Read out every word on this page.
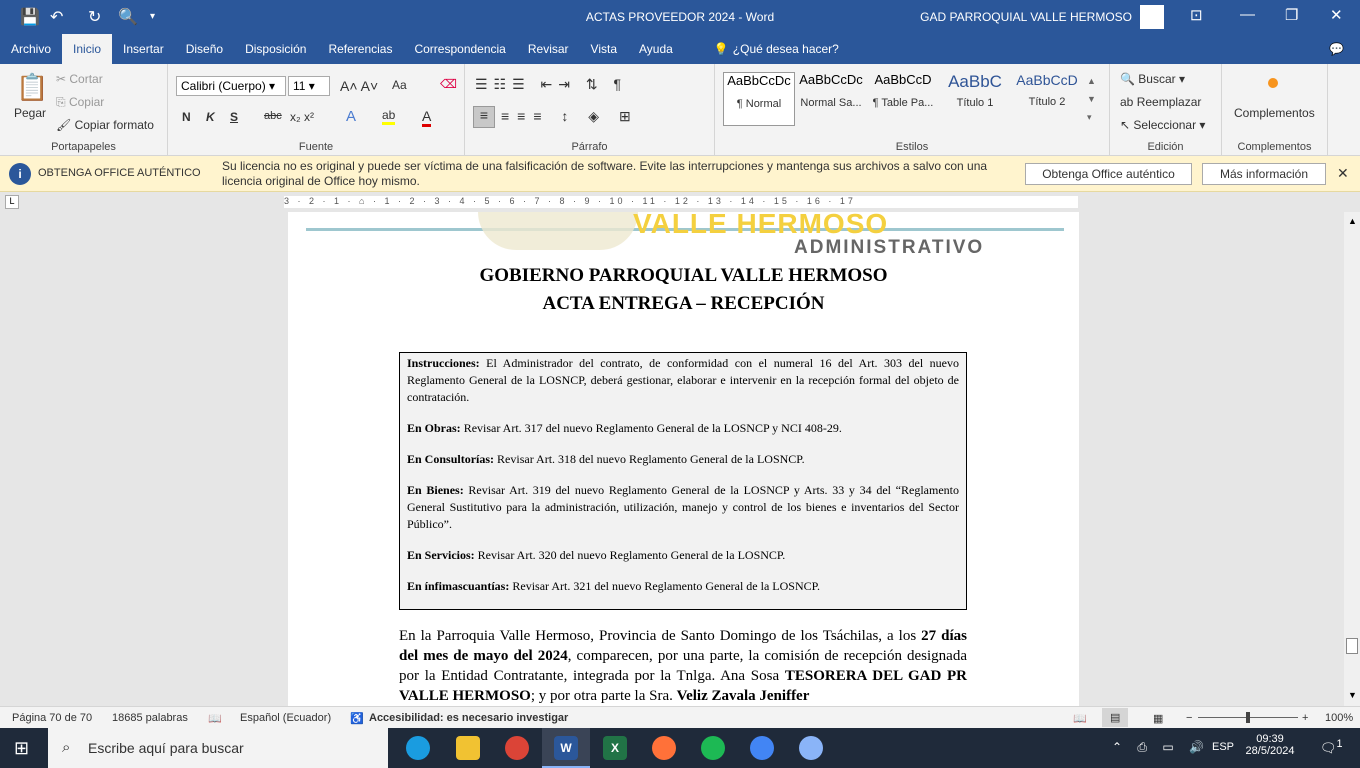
💾 ↶ ↻ 🔍 ▾	ACTAS PROVEEDOR 2024 - Word	GAD PARROQUIAL VALLE HERMOSO	⊡ — ❐ ✕
Archivo	Inicio	Insertar	Diseño	Disposición	Referencias	Correspondencia	Revisar	Vista	Ayuda	💡 ¿Qué desea hacer?	💬
📋
Pegar
✂ Cortar
⎘ Copiar
🖌 Copiar formato
Portapapeles
Calibri (Cuerpo) ▾	11 ▾	A˄ A˅ Aa	⌫
N K S abc x₂ x² A ab A
Fuente
☰☷☰ ⇤⇥ ⇅ ¶
≡ ≡≡≡ ↕ ◈ ⊞
Párrafo
AaBbCcDc
¶ Normal
AaBbCcDc
Normal Sa...
AaBbCcD
¶ Table Pa...
AaBbC
Título 1
AaBbCcD
Título 2
▲
▼
▾
Estilos
🔍 Buscar ▾
ab Reemplazar
↖ Seleccionar ▾
Edición
Complementos
Complementos
i	OBTENGA OFFICE AUTÉNTICO Su licencia no es original y puede ser víctima de una falsificación de software. Evite las interrupciones y mantenga sus archivos a salvo con una licencia original de Office hoy mismo.	Obtenga Office auténtico	Más información	✕
L	3 · 2 · 1 · ⌂ · 1 · 2 · 3 · 4 · 5 · 6 · 7 · 8 · 9 · 10 · 11 · 12 · 13 · 14 · 15 · 16 · 17
VALLE HERMOSO
ADMINISTRATIVO
GOBIERNO PARROQUIAL VALLE HERMOSO
ACTA ENTREGA – RECEPCIÓN

Instrucciones: El Administrador del contrato, de conformidad con el numeral 16 del Art. 303 del nuevo Reglamento General de la LOSNCP, deberá gestionar, elaborar e intervenir en la recepción formal del objeto de contratación.

En Obras: Revisar Art. 317 del nuevo Reglamento General de la LOSNCP y NCI 408-29.

En Consultorías: Revisar Art. 318 del nuevo Reglamento General de la LOSNCP.

En Bienes: Revisar Art. 319 del nuevo Reglamento General de la LOSNCP y Arts. 33 y 34 del “Reglamento General Sustitutivo para la administración, utilización, manejo y control de los bienes e inventarios del Sector Público”.

En Servicios: Revisar Art. 320 del nuevo Reglamento General de la LOSNCP.

En ínfimascuantías: Revisar Art. 321 del nuevo Reglamento General de la LOSNCP.

En la Parroquia Valle Hermoso, Provincia de Santo Domingo de los Tsáchilas, a los 27 días del mes de mayo del 2024, comparecen, por una parte, la comisión de recepción designada por la Entidad Contratante, integrada por la Tnlga. Ana Sosa TESORERA DEL GAD PR VALLE HERMOSO; y por otra parte la Sra. Veliz Zavala Jeniffer
▲
▼
Página 70 de 70 18685 palabras 📖 Español (Ecuador) ♿ Accesibilidad: es necesario investigar	📖	▤	▦ −	+ 100%
⊞ ⌕ Escribe aquí para buscar	W	X	⌃ ⎙ ▭ 🔊 ESP
09:39
28/5/2024	🗨$^1$
